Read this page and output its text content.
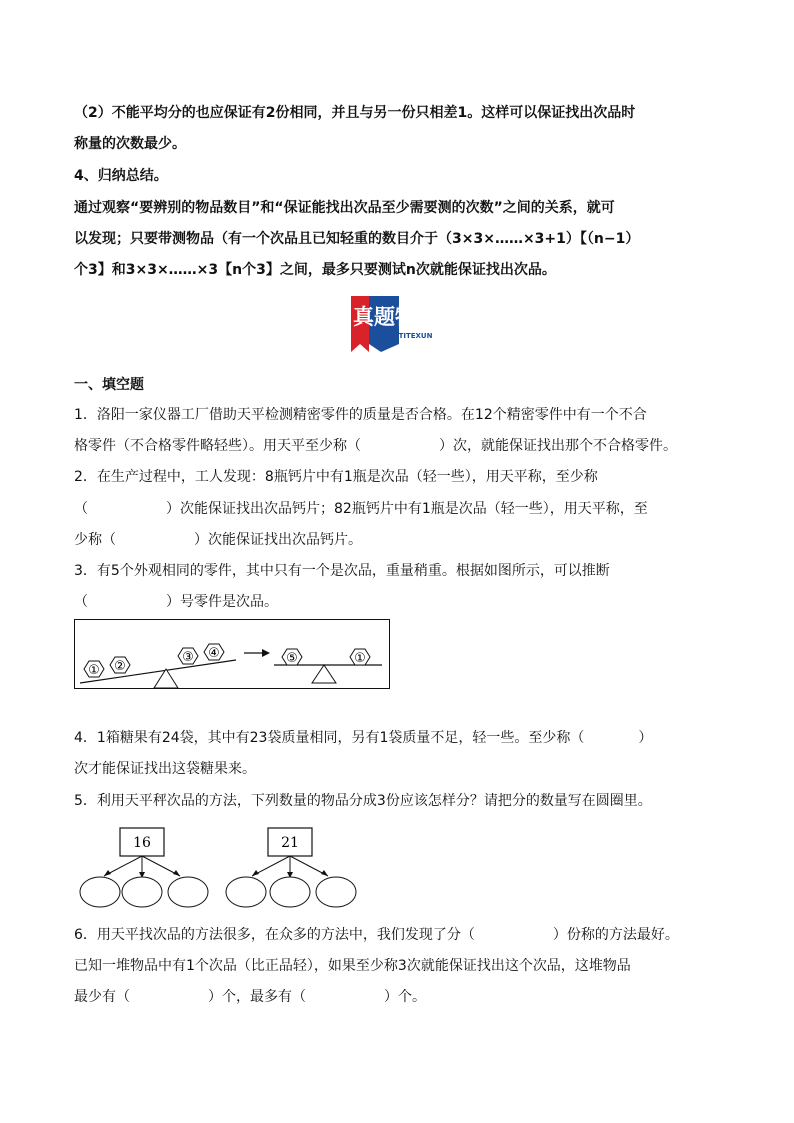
（2）不能平均分的也应保证有2份相同，并且与另一份只相差1。这样可以保证找出次品时
称量的次数最少。
4、归纳总结。
通过观察“要辨别的物品数目”和“保证能找出次品至少需要测的次数”之间的关系，就可
以发现；只要带测物品（有一个次品且已知轻重的数目介于（3×3×……×3+1）【（n−1）
个3】和3×3×……×3【n个3】之间，最多只要测试n次就能保证找出次品。
真题特训
ZHENTITEXUN
一、填空题
1．洛阳一家仪器工厂借助天平检测精密零件的质量是否合格。在12个精密零件中有一个不合
格零件（不合格零件略轻些）。用天平至少称（	）次，就能保证找出那个不合格零件。
2．在生产过程中，工人发现：8瓶钙片中有1瓶是次品（轻一些），用天平称，至少称
（	）次能保证找出次品钙片；82瓶钙片中有1瓶是次品（轻一些），用天平称，至
少称（	）次能保证找出次品钙片。
3．有5个外观相同的零件，其中只有一个是次品，重量稍重。根据如图所示，可以推断
（	）号零件是次品。
① ②
③ ④	⑤	①
4．1箱糖果有24袋，其中有23袋质量相同，另有1袋质量不足，轻一些。至少称（	）
次才能保证找出这袋糖果来。
5．利用天平秤次品的方法，下列数量的物品分成3份应该怎样分？请把分的数量写在圆圈里。
16	21
6．用天平找次品的方法很多，在众多的方法中，我们发现了分（	）份称的方法最好。
已知一堆物品中有1个次品（比正品轻），如果至少称3次就能保证找出这个次品，这堆物品
最少有（	）个，最多有（	）个。
